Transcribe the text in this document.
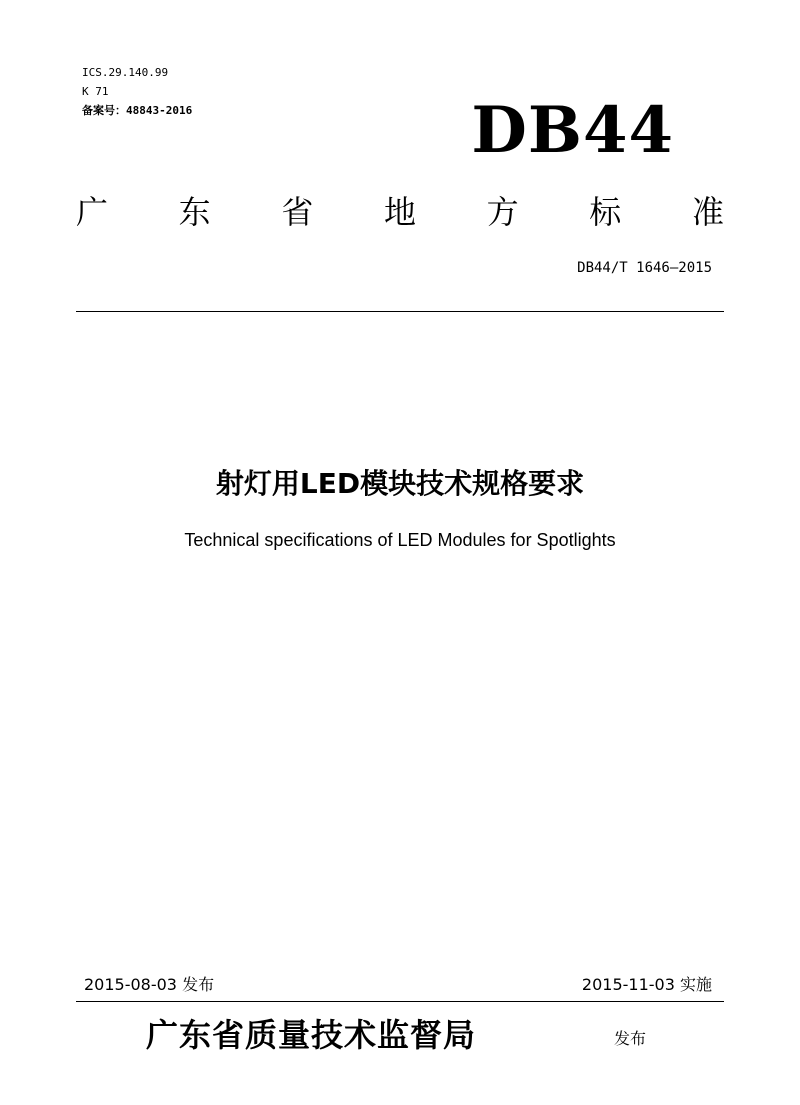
ICS.29.140.99
K 71
备案号：48843-2016	DB44
广 东 省 地 方 标 准
DB44/T 1646—2015
射灯用LED模块技术规格要求
Technical specifications of LED Modules for Spotlights
2015-08-03 发布	2015-11-03 实施
广东省质量技术监督局	发布
